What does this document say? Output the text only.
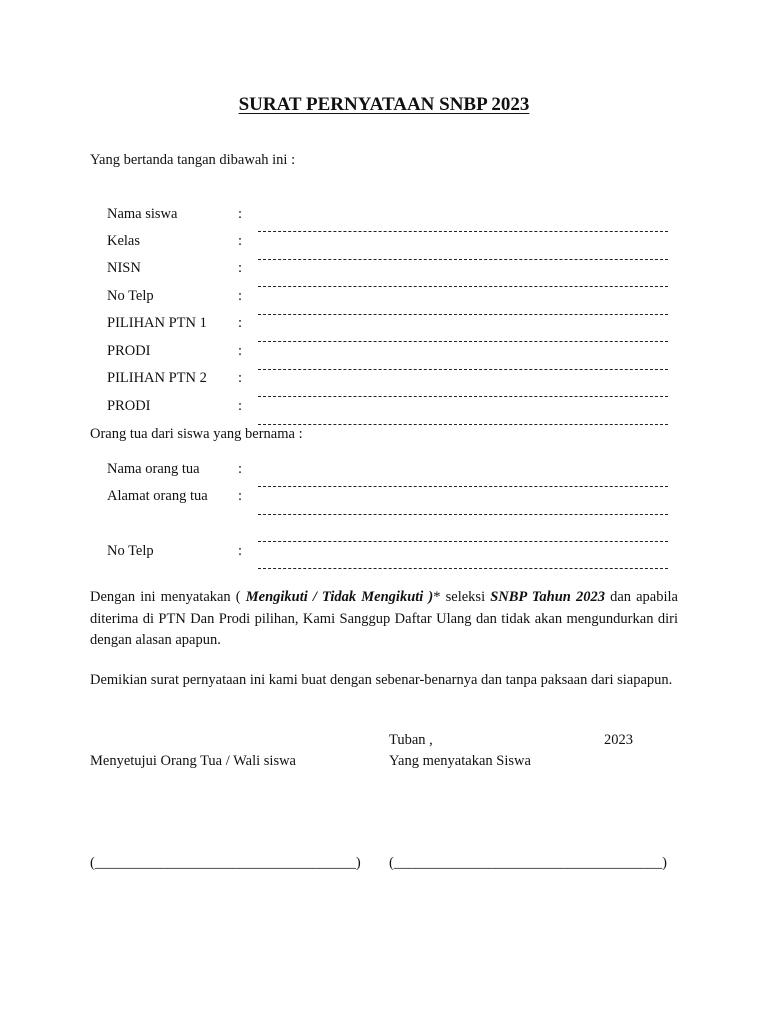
SURAT PERNYATAAN SNBP 2023
Yang bertanda tangan dibawah ini :
Nama siswa	:
Kelas	:
NISN	:
No Telp	:
PILIHAN PTN 1 :
PRODI	:
PILIHAN PTN 2 :
PRODI	:
Orang tua dari siswa yang bernama :
Nama orang tua	:
Alamat orang tua :
No Telp	:
Dengan ini menyatakan ( Mengikuti / Tidak Mengikuti )* seleksi SNBP Tahun 2023 dan apabila diterima di PTN Dan Prodi pilihan, Kami Sanggup Daftar Ulang dan tidak akan mengundurkan diri dengan alasan apapun.
Demikian surat pernyataan ini kami buat dengan sebenar-benarnya dan tanpa paksaan dari siapapun.
Tuban ,	2023
Menyetujui Orang Tua / Wali siswa	Yang menyatakan Siswa
(____________________________________) (_____________________________________)
